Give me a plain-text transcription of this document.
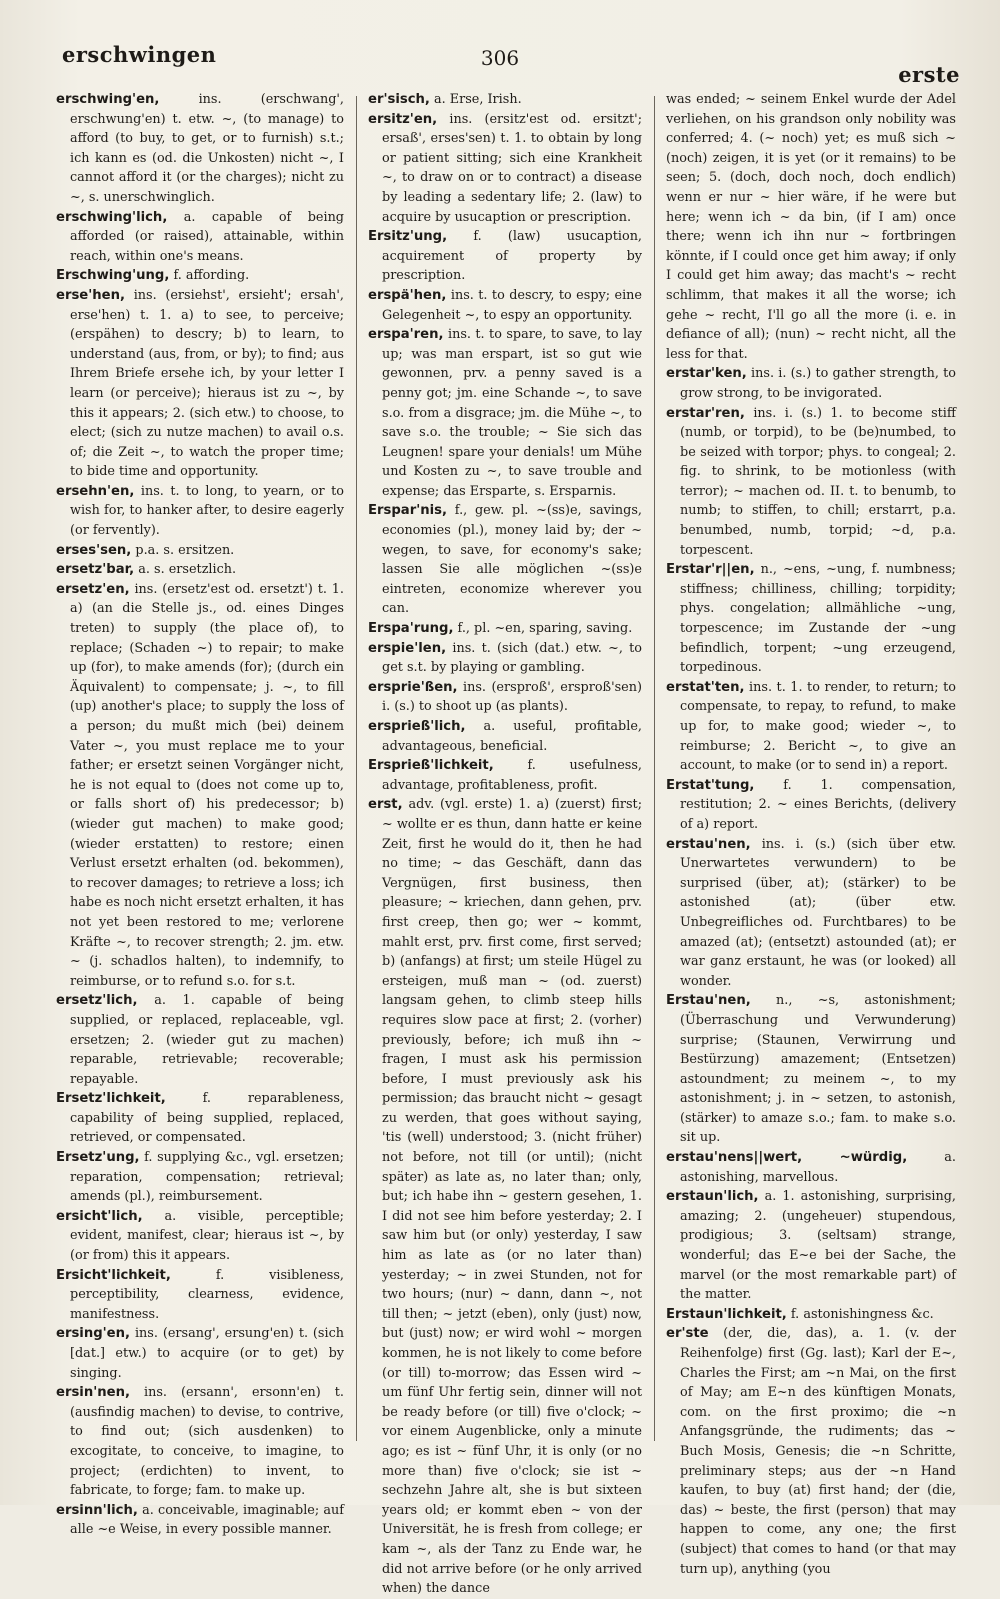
erschwingen	306
erste
erschwing'en,	ins. (erschwang', erschwung'en) t. etw. ~, (to manage) to afford (to buy, to get, or to furnish) s.t.; ich kann es (od. die Unkosten) nicht ~, I cannot afford it (or the charges); nicht zu ~, s. unerschwinglich.
erschwing'lich, a. capable of being afforded (or raised), attainable, within reach, within one's means.
Erschwing'ung, f. affording.
erse'hen, ins. (ersiehst', ersieht'; ersah', erse'hen) t. 1. a) to see, to perceive; (erspähen) to descry; b) to learn, to understand (aus, from, or by); to find; aus Ihrem Briefe ersehe ich, by your letter I learn (or perceive); hieraus ist zu ~, by this it appears; 2. (sich etw.) to choose, to elect; (sich zu nutze machen) to avail o.s. of; die Zeit ~, to watch the proper time; to bide time and opportunity.
ersehn'en, ins. t. to long, to yearn, or to wish for, to hanker after, to desire eagerly (or fervently).
erses'sen, p.a. s. ersitzen.
ersetz'bar, a. s. ersetzlich.
ersetz'en, ins. (ersetz'est od. ersetzt') t. 1. a) (an die Stelle js., od. eines Dinges treten) to supply (the place of), to replace; (Schaden ~) to repair; to make up (for), to make amends (for); (durch ein Äquivalent) to compensate; j. ~, to fill (up) another's place; to supply the loss of a person; du mußt mich (bei) deinem Vater ~, you must replace me to your father; er ersetzt seinen Vorgänger nicht, he is not equal to (does not come up to, or falls short of) his predecessor; b) (wieder gut machen) to make good; (wieder erstatten) to restore; einen Verlust ersetzt erhalten (od. bekommen), to recover damages; to retrieve a loss; ich habe es noch nicht ersetzt erhalten, it has not yet been restored to me; verlorene Kräfte ~, to recover strength; 2. jm. etw. ~ (j. schadlos halten), to indemnify, to reimburse, or to refund s.o. for s.t.
ersetz'lich, a. 1. capable of being supplied, or replaced, replaceable, vgl. ersetzen; 2. (wieder gut zu machen) reparable, retrievable; recoverable; repayable.
Ersetz'lichkeit,	f. reparableness, capability of being supplied, replaced, retrieved, or compensated.
Ersetz'ung, f. supplying &c., vgl. ersetzen; reparation, compensation; retrieval; amends (pl.), reimbursement.
ersicht'lich, a. visible, perceptible; evident, manifest, clear; hieraus ist ~, by (or from) this it appears.
Ersicht'lichkeit,	f. visibleness, perceptibility, clearness, evidence, manifestness.
ersing'en, ins. (ersang', ersung'en) t. (sich [dat.] etw.) to acquire (or to get) by singing.
ersin'nen, ins. (ersann', ersonn'en) t. (ausfindig machen) to devise, to contrive, to find out; (sich ausdenken) to excogitate, to conceive, to imagine, to project; (erdichten) to invent, to fabricate, to forge; fam. to make up.
ersinn'lich, a. conceivable, imaginable; auf alle ~e Weise, in every possible manner.
er'sisch, a. Erse, Irish.
ersitz'en, ins. (ersitz'est od. ersitzt'; ersaß', erses'sen) t. 1. to obtain by long or patient sitting; sich eine Krankheit ~, to draw on or to contract) a disease by leading a sedentary life; 2. (law) to acquire by usucaption or prescription.
Ersitz'ung, f. (law) usucaption, acquirement of property by prescription.
erspä'hen, ins. t. to descry, to espy; eine Gelegenheit ~, to espy an opportunity.
erspa'ren, ins. t. to spare, to save, to lay up; was man erspart, ist so gut wie gewonnen, prv. a penny saved is a penny got; jm. eine Schande ~, to save s.o. from a disgrace; jm. die Mühe ~, to save s.o. the trouble; ~ Sie sich das Leugnen! spare your denials! um Mühe und Kosten zu ~, to save trouble and expense; das Ersparte, s. Ersparnis.
Erspar'nis, f., gew. pl. ~(ss)e, savings, economies (pl.), money laid by; der ~ wegen, to save, for economy's sake; lassen Sie alle möglichen ~(ss)e eintreten, economize wherever you can.
Erspa'rung, f., pl. ~en, sparing, saving.
erspie'len, ins. t. (sich (dat.) etw. ~, to get s.t. by playing or gambling.
ersprie'ßen, ins. (ersproß', ersproß'sen) i. (s.) to shoot up (as plants).
ersprieß'lich, a. useful, profitable, advantageous, beneficial.
Ersprieß'lichkeit,	f. usefulness, advantage, profitableness, profit.
erst, adv. (vgl. erste) 1. a) (zuerst) first; ~ wollte er es thun, dann hatte er keine Zeit, first he would do it, then he had no time; ~ das Geschäft, dann das Vergnügen, first business, then pleasure; ~ kriechen, dann gehen, prv. first creep, then go; wer ~ kommt, mahlt erst, prv. first come, first served; b) (anfangs) at first; um steile Hügel zu ersteigen, muß man ~ (od. zuerst) langsam gehen, to climb steep hills requires slow pace at first; 2. (vorher) previously, before; ich muß ihn ~ fragen, I must ask his permission before, I must previously ask his permission; das braucht nicht ~ gesagt zu werden, that goes without saying, 'tis (well) understood; 3. (nicht früher) not before, not till (or until); (nicht später) as late as, no later than; only, but; ich habe ihn ~ gestern gesehen, 1. I did not see him before yesterday; 2. I saw him but (or only) yesterday, I saw him as late as (or no later than) yesterday; ~ in zwei Stunden, not for two hours; (nur) ~ dann, dann ~, not till then; ~ jetzt (eben), only (just) now, but (just) now; er wird wohl ~ morgen kommen, he is not likely to come before (or till) to-morrow; das Essen wird ~ um fünf Uhr fertig sein, dinner will not be ready before (or till) five o'clock; ~ vor einem Augenblicke, only a minute ago; es ist ~ fünf Uhr, it is only (or no more than) five o'clock; sie ist ~ sechzehn Jahre alt, she is but sixteen years old; er kommt eben ~ von der Universität, he is fresh from college; er kam ~, als der Tanz zu Ende war, he did not arrive before (or he only arrived when) the dance
was ended; ~ seinem Enkel wurde der Adel verliehen, on his grandson only nobility was conferred; 4. (~ noch) yet; es muß sich ~ (noch) zeigen, it is yet (or it remains) to be seen; 5. (doch, doch noch, doch endlich) wenn er nur ~ hier wäre, if he were but here; wenn ich ~ da bin, (if I am) once there; wenn ich ihn nur ~ fortbringen könnte, if I could once get him away; if only I could get him away; das macht's ~ recht schlimm, that makes it all the worse; ich gehe ~ recht, I'll go all the more (i. e. in defiance of all); (nun) ~ recht nicht, all the less for that.
erstar'ken, ins. i. (s.) to gather strength, to grow strong, to be invigorated.
erstar'ren, ins. i. (s.) 1. to become stiff (numb, or torpid), to be (be)numbed, to be seized with torpor; phys. to congeal; 2. fig. to shrink, to be motionless (with terror); ~ machen od. II. t. to benumb, to numb; to stiffen, to chill; erstarrt, p.a. benumbed, numb, torpid; ~d, p.a. torpescent.
Erstar'r||en, n., ~ens, ~ung, f. numbness; stiffness; chilliness, chilling; torpidity; phys. congelation; allmähliche ~ung, torpescence; im Zustande der ~ung befindlich, torpent; ~ung erzeugend, torpedinous.
erstat'ten, ins. t. 1. to render, to return; to compensate, to repay, to refund, to make up for, to make good; wieder ~, to reimburse; 2. Bericht ~, to give an account, to make (or to send in) a report.
Erstat'tung, f. 1. compensation, restitution; 2. ~ eines Berichts, (delivery of a) report.
erstau'nen, ins. i. (s.) (sich über etw. Unerwartetes verwundern) to be surprised (über, at); (stärker) to be astonished (at); (über etw. Unbegreifliches od. Furchtbares) to be amazed (at); (entsetzt) astounded (at); er war ganz erstaunt, he was (or looked) all wonder.
Erstau'nen, n., ~s, astonishment; (Überraschung und Verwunderung) surprise; (Staunen, Verwirrung und Bestürzung) amazement; (Entsetzen) astoundment; zu meinem ~, to my astonishment; j. in ~ setzen, to astonish, (stärker) to amaze s.o.; fam. to make s.o. sit up.
erstau'nens||wert, ~würdig,	a. astonishing, marvellous.
erstaun'lich, a. 1. astonishing, surprising, amazing; 2. (ungeheuer) stupendous, prodigious; 3. (seltsam) strange, wonderful; das E~e bei der Sache, the marvel (or the most remarkable part) of the matter.
Erstaun'lichkeit, f. astonishingness &c.
er'ste (der, die, das), a. 1. (v. der Reihenfolge) first (Gg. last); Karl der E~, Charles the First; am ~n Mai, on the first of May; am E~n des künftigen Monats, com. on the first proximo; die ~n Anfangsgründe, the rudiments; das ~ Buch Mosis, Genesis; die ~n Schritte, preliminary steps; aus der ~n Hand kaufen, to buy (at) first hand; der (die, das) ~ beste, the first (person) that may happen to come, any one; the first (subject) that comes to hand (or that may turn up), anything (you
